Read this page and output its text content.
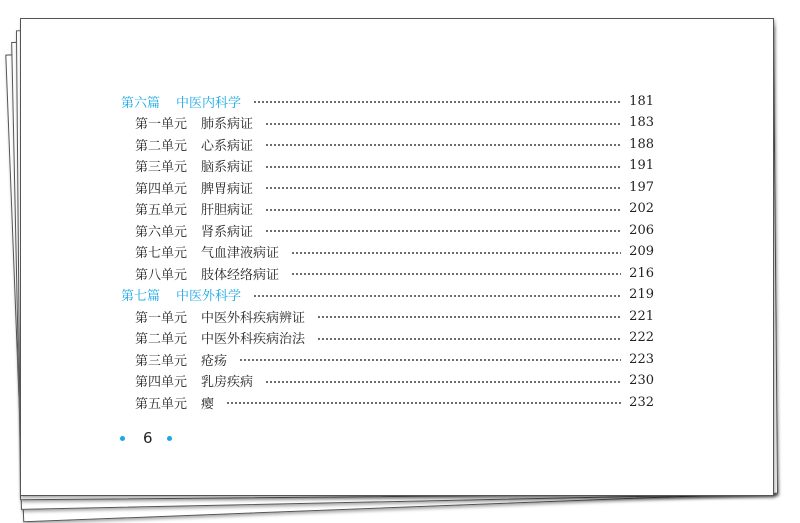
第六篇 中医内科学	181
第一单元 肺系病证	183
第二单元 心系病证	188
第三单元 脑系病证	191
第四单元 脾胃病证	197
第五单元 肝胆病证	202
第六单元 肾系病证	206
第七单元 气血津液病证	209
第八单元 肢体经络病证	216
第七篇 中医外科学	219
第一单元 中医外科疾病辨证	221
第二单元 中医外科疾病治法	222
第三单元 疮疡	223
第四单元 乳房疾病	230
第五单元 瘿	232
6
